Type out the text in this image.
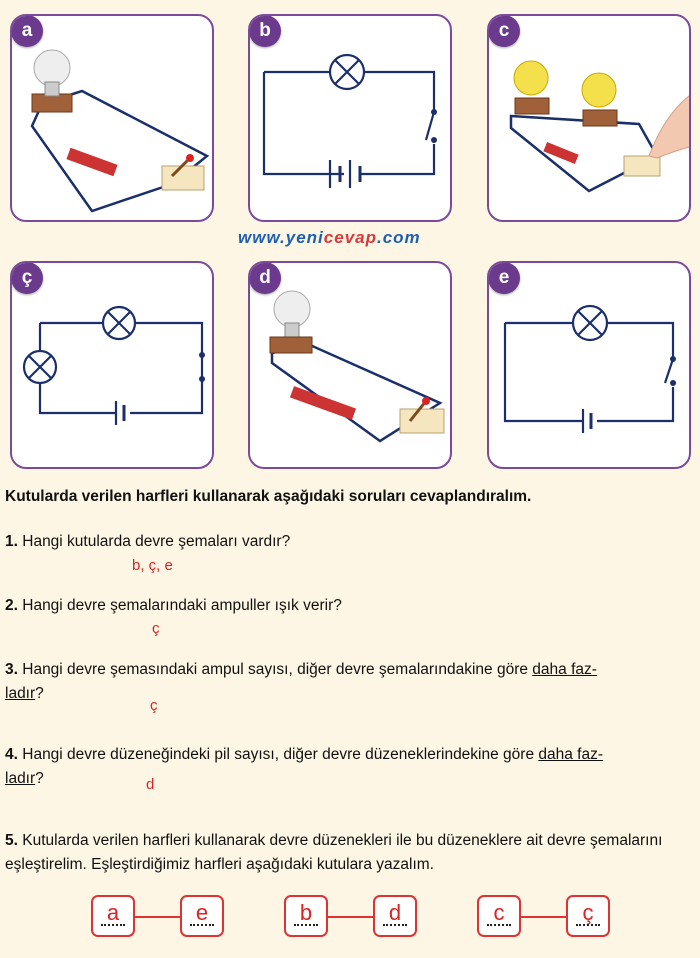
a	b	c
www.yenicevap.com
ç	d	e
Kutularda verilen harfleri kullanarak aşağıdaki soruları cevaplandıralım.
1. Hangi kutularda devre şemaları vardır?
b, ç, e
2. Hangi devre şemalarındaki ampuller ışık verir?
ç
3. Hangi devre şemasındaki ampul sayısı, diğer devre şemalarındakine göre daha faz-
ladır?
ç
4. Hangi devre düzeneğindeki pil sayısı, diğer devre düzeneklerindekine göre daha faz-
ladır?	d
5. Kutularda verilen harfleri kullanarak devre düzenekleri ile bu düzeneklere ait devre şemalarını eşleştirelim. Eşleştirdiğimiz harfleri aşağıdaki kutulara yazalım.
a	e	b	d	c	ç
